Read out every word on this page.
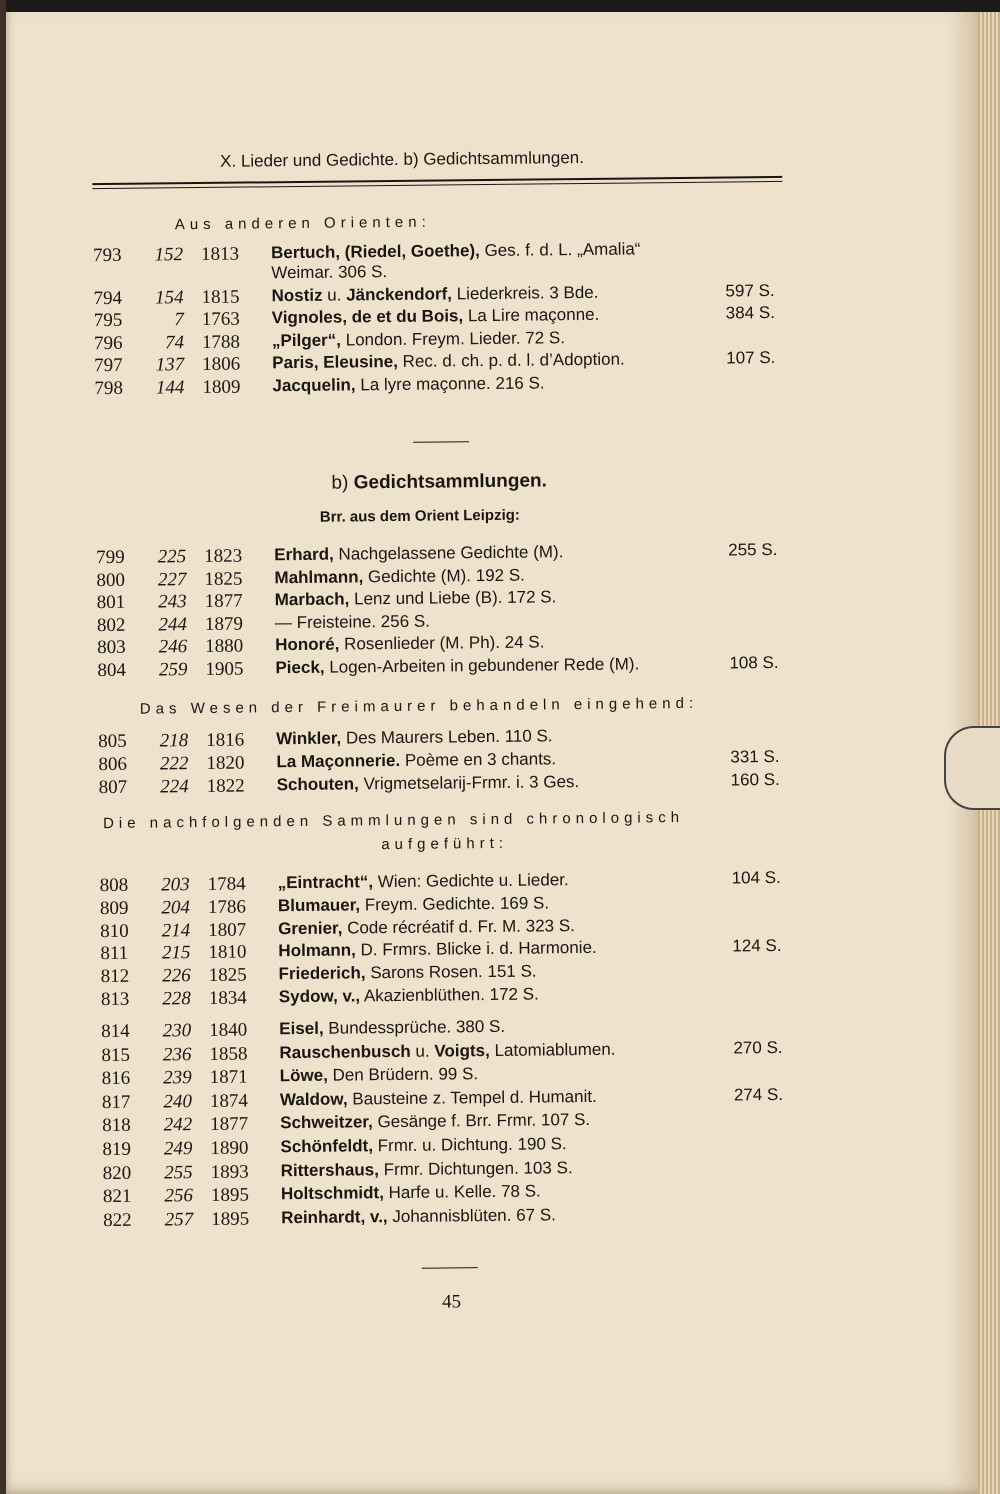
X. Lieder und Gedichte. b) Gedichtsammlungen.
Aus anderen Orienten:
793	152 1813	Bertuch, (Riedel, Goethe), Ges. f. d. L. „Amalia“
Weimar. 306 S.
794	154 1815	Nostiz u. Jänckendorf, Liederkreis. 3 Bde.	597 S.
795	7 1763	Vignoles, de et du Bois, La Lire maçonne.	384 S.
796	74 1788	„Pilger“, London. Freym. Lieder. 72 S.
797	137 1806	Paris, Eleusine, Rec. d. ch. p. d. l. d’Adoption.	107 S.
798	144 1809	Jacquelin, La lyre maçonne. 216 S.
b) Gedichtsammlungen.
Brr. aus dem Orient Leipzig:
799	225 1823	Erhard, Nachgelassene Gedichte (M).	255 S.
800	227 1825	Mahlmann, Gedichte (M). 192 S.
801	243 1877	Marbach, Lenz und Liebe (B). 172 S.
802	244 1879	— Freisteine. 256 S.
803	246 1880	Honoré, Rosenlieder (M. Ph). 24 S.
804	259 1905	Pieck, Logen-Arbeiten in gebundener Rede (M).	108 S.
Das Wesen der Freimaurer behandeln eingehend:
805	218 1816	Winkler, Des Maurers Leben. 110 S.
806	222 1820	La Maçonnerie. Poème en 3 chants.	331 S.
807	224 1822	Schouten, Vrigmetselarij-Frmr. i. 3 Ges.	160 S.
Die nachfolgenden Sammlungen sind chronologisch
aufgeführt:
808	203 1784	„Eintracht“, Wien: Gedichte u. Lieder.	104 S.
809	204 1786	Blumauer, Freym. Gedichte. 169 S.
810	214 1807	Grenier, Code récréatif d. Fr. M. 323 S.
811	215 1810	Holmann, D. Frmrs. Blicke i. d. Harmonie.	124 S.
812	226 1825	Friederich, Sarons Rosen. 151 S.
813	228 1834	Sydow, v., Akazienblüthen. 172 S.
814	230 1840	Eisel, Bundessprüche. 380 S.
815	236 1858	Rauschenbusch u. Voigts, Latomiablumen.	270 S.
816	239 1871	Löwe, Den Brüdern. 99 S.
817	240 1874	Waldow, Bausteine z. Tempel d. Humanit.	274 S.
818	242 1877	Schweitzer, Gesänge f. Brr. Frmr. 107 S.
819	249 1890	Schönfeldt, Frmr. u. Dichtung. 190 S.
820	255 1893	Rittershaus, Frmr. Dichtungen. 103 S.
821	256 1895	Holtschmidt, Harfe u. Kelle. 78 S.
822	257 1895	Reinhardt, v., Johannisblüten. 67 S.
45
